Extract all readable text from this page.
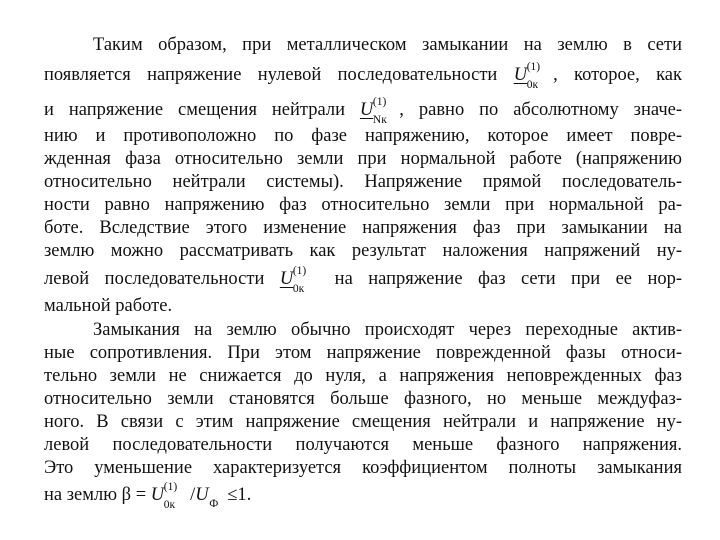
Таким образом, при металлическом замыкании на землю в сети
появляется напряжение нулевой последовательности U (1)
0к , которое, как
и напряжение смещения нейтрали U (1)
Nк , равно по абсолютному значе-
нию и противоположно по фазе напряжению, которое имеет повре-
жденная фаза относительно земли при нормальной работе (напряжению
относительно нейтрали системы). Напряжение прямой последователь-
ности равно напряжению фаз относительно земли при нормальной ра-
боте. Вследствие этого изменение напряжения фаз при замыкании на
землю можно рассматривать как результат наложения напряжений ну-
левой последовательности U (1)
0к на напряжение фаз сети при ее нор-
мальной работе.
Замыкания на землю обычно происходят через переходные актив-
ные сопротивления. При этом напряжение поврежденной фазы относи-
тельно земли не снижается до нуля, а напряжения неповрежденных фаз
относительно земли становятся больше фазного, но меньше междуфаз-
ного. В связи с этим напряжение смещения нейтрали и напряжение ну-
левой последовательности получаются меньше фазного напряжения.
Это уменьшение характеризуется коэффициентом полноты замыкания
на землю β = U (1)
0к /U Ф ≤1.
